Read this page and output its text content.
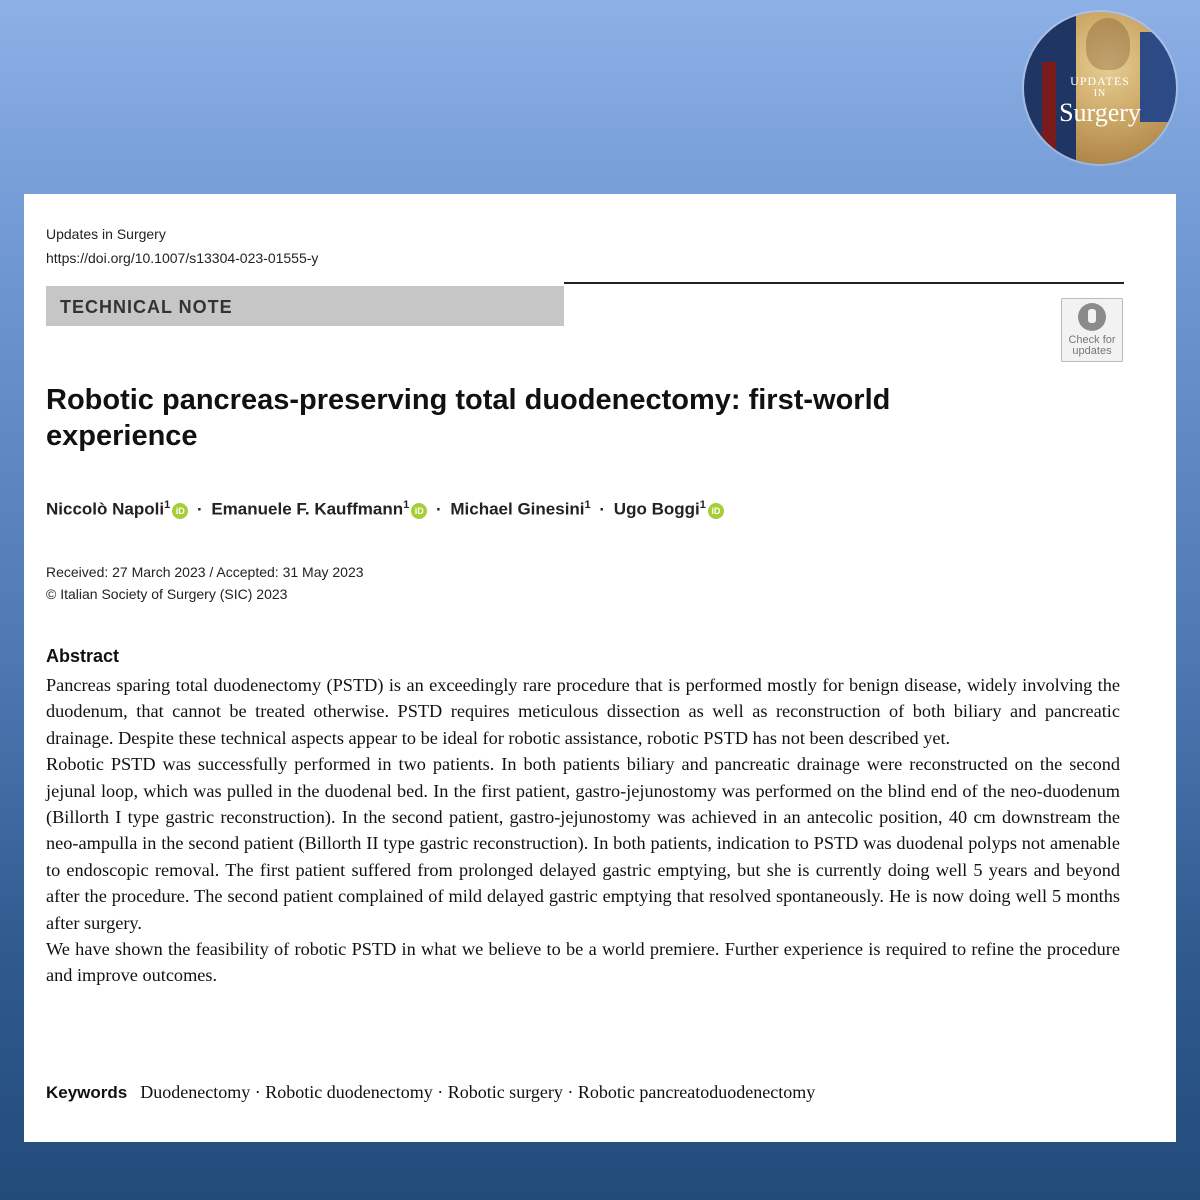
UPDATES
IN
Surgery
Updates in Surgery
https://doi.org/10.1007/s13304-023-01555-y
TECHNICAL NOTE
Check for
updates
Robotic pancreas-preserving total duodenectomy: first-world experience
Niccolò Napoli$^1$ iD · Emanuele F. Kauffmann$^1$ iD · Michael Ginesini$^1$ · Ugo Boggi$^1$ iD
Received: 27 March 2023 / Accepted: 31 May 2023
© Italian Society of Surgery (SIC) 2023
Abstract

Pancreas sparing total duodenectomy (PSTD) is an exceedingly rare procedure that is performed mostly for benign disease, widely involving the duodenum, that cannot be treated otherwise. PSTD requires meticulous dissection as well as reconstruction of both biliary and pancreatic drainage. Despite these technical aspects appear to be ideal for robotic assistance, robotic PSTD has not been described yet.

Robotic PSTD was successfully performed in two patients. In both patients biliary and pancreatic drainage were reconstructed on the second jejunal loop, which was pulled in the duodenal bed. In the first patient, gastro-jejunostomy was performed on the blind end of the neo-duodenum (Billorth I type gastric reconstruction). In the second patient, gastro-jejunostomy was achieved in an antecolic position, 40 cm downstream the neo-ampulla in the second patient (Billorth II type gastric reconstruction). In both patients, indication to PSTD was duodenal polyps not amenable to endoscopic removal. The first patient suffered from prolonged delayed gastric emptying, but she is currently doing well 5 years and beyond after the procedure. The second patient complained of mild delayed gastric emptying that resolved spontaneously. He is now doing well 5 months after surgery.

We have shown the feasibility of robotic PSTD in what we believe to be a world premiere. Further experience is required to refine the procedure and improve outcomes.

Keywords Duodenectomy · Robotic duodenectomy · Robotic surgery · Robotic pancreatoduodenectomy
